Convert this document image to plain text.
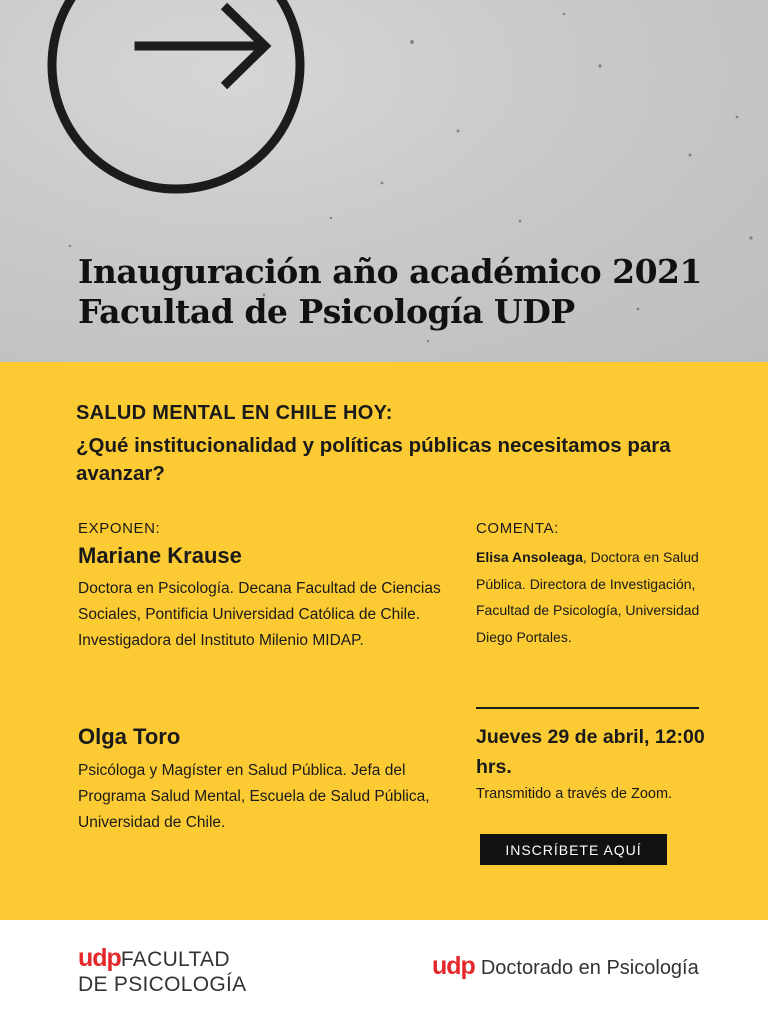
Inauguración año académico 2021
Facultad de Psicología UDP
SALUD MENTAL EN CHILE HOY:
¿Qué institucionalidad y políticas públicas necesitamos para avanzar?
EXPONEN:
Mariane Krause
Doctora en Psicología. Decana Facultad de Ciencias Sociales, Pontificia Universidad Católica de Chile. Investigadora del Instituto Milenio MIDAP.
Olga Toro
Psicóloga y Magíster en Salud Pública. Jefa del Programa Salud Mental, Escuela de Salud Pública, Universidad de Chile.
COMENTA:
Elisa Ansoleaga, Doctora en Salud Pública. Directora de Investigación, Facultad de Psicología, Universidad Diego Portales.
Jueves 29 de abril, 12:00 hrs.
Transmitido a través de Zoom.
INSCRÍBETE AQUÍ
udpFACULTAD
DE PSICOLOGÍA
udp Doctorado en Psicología
